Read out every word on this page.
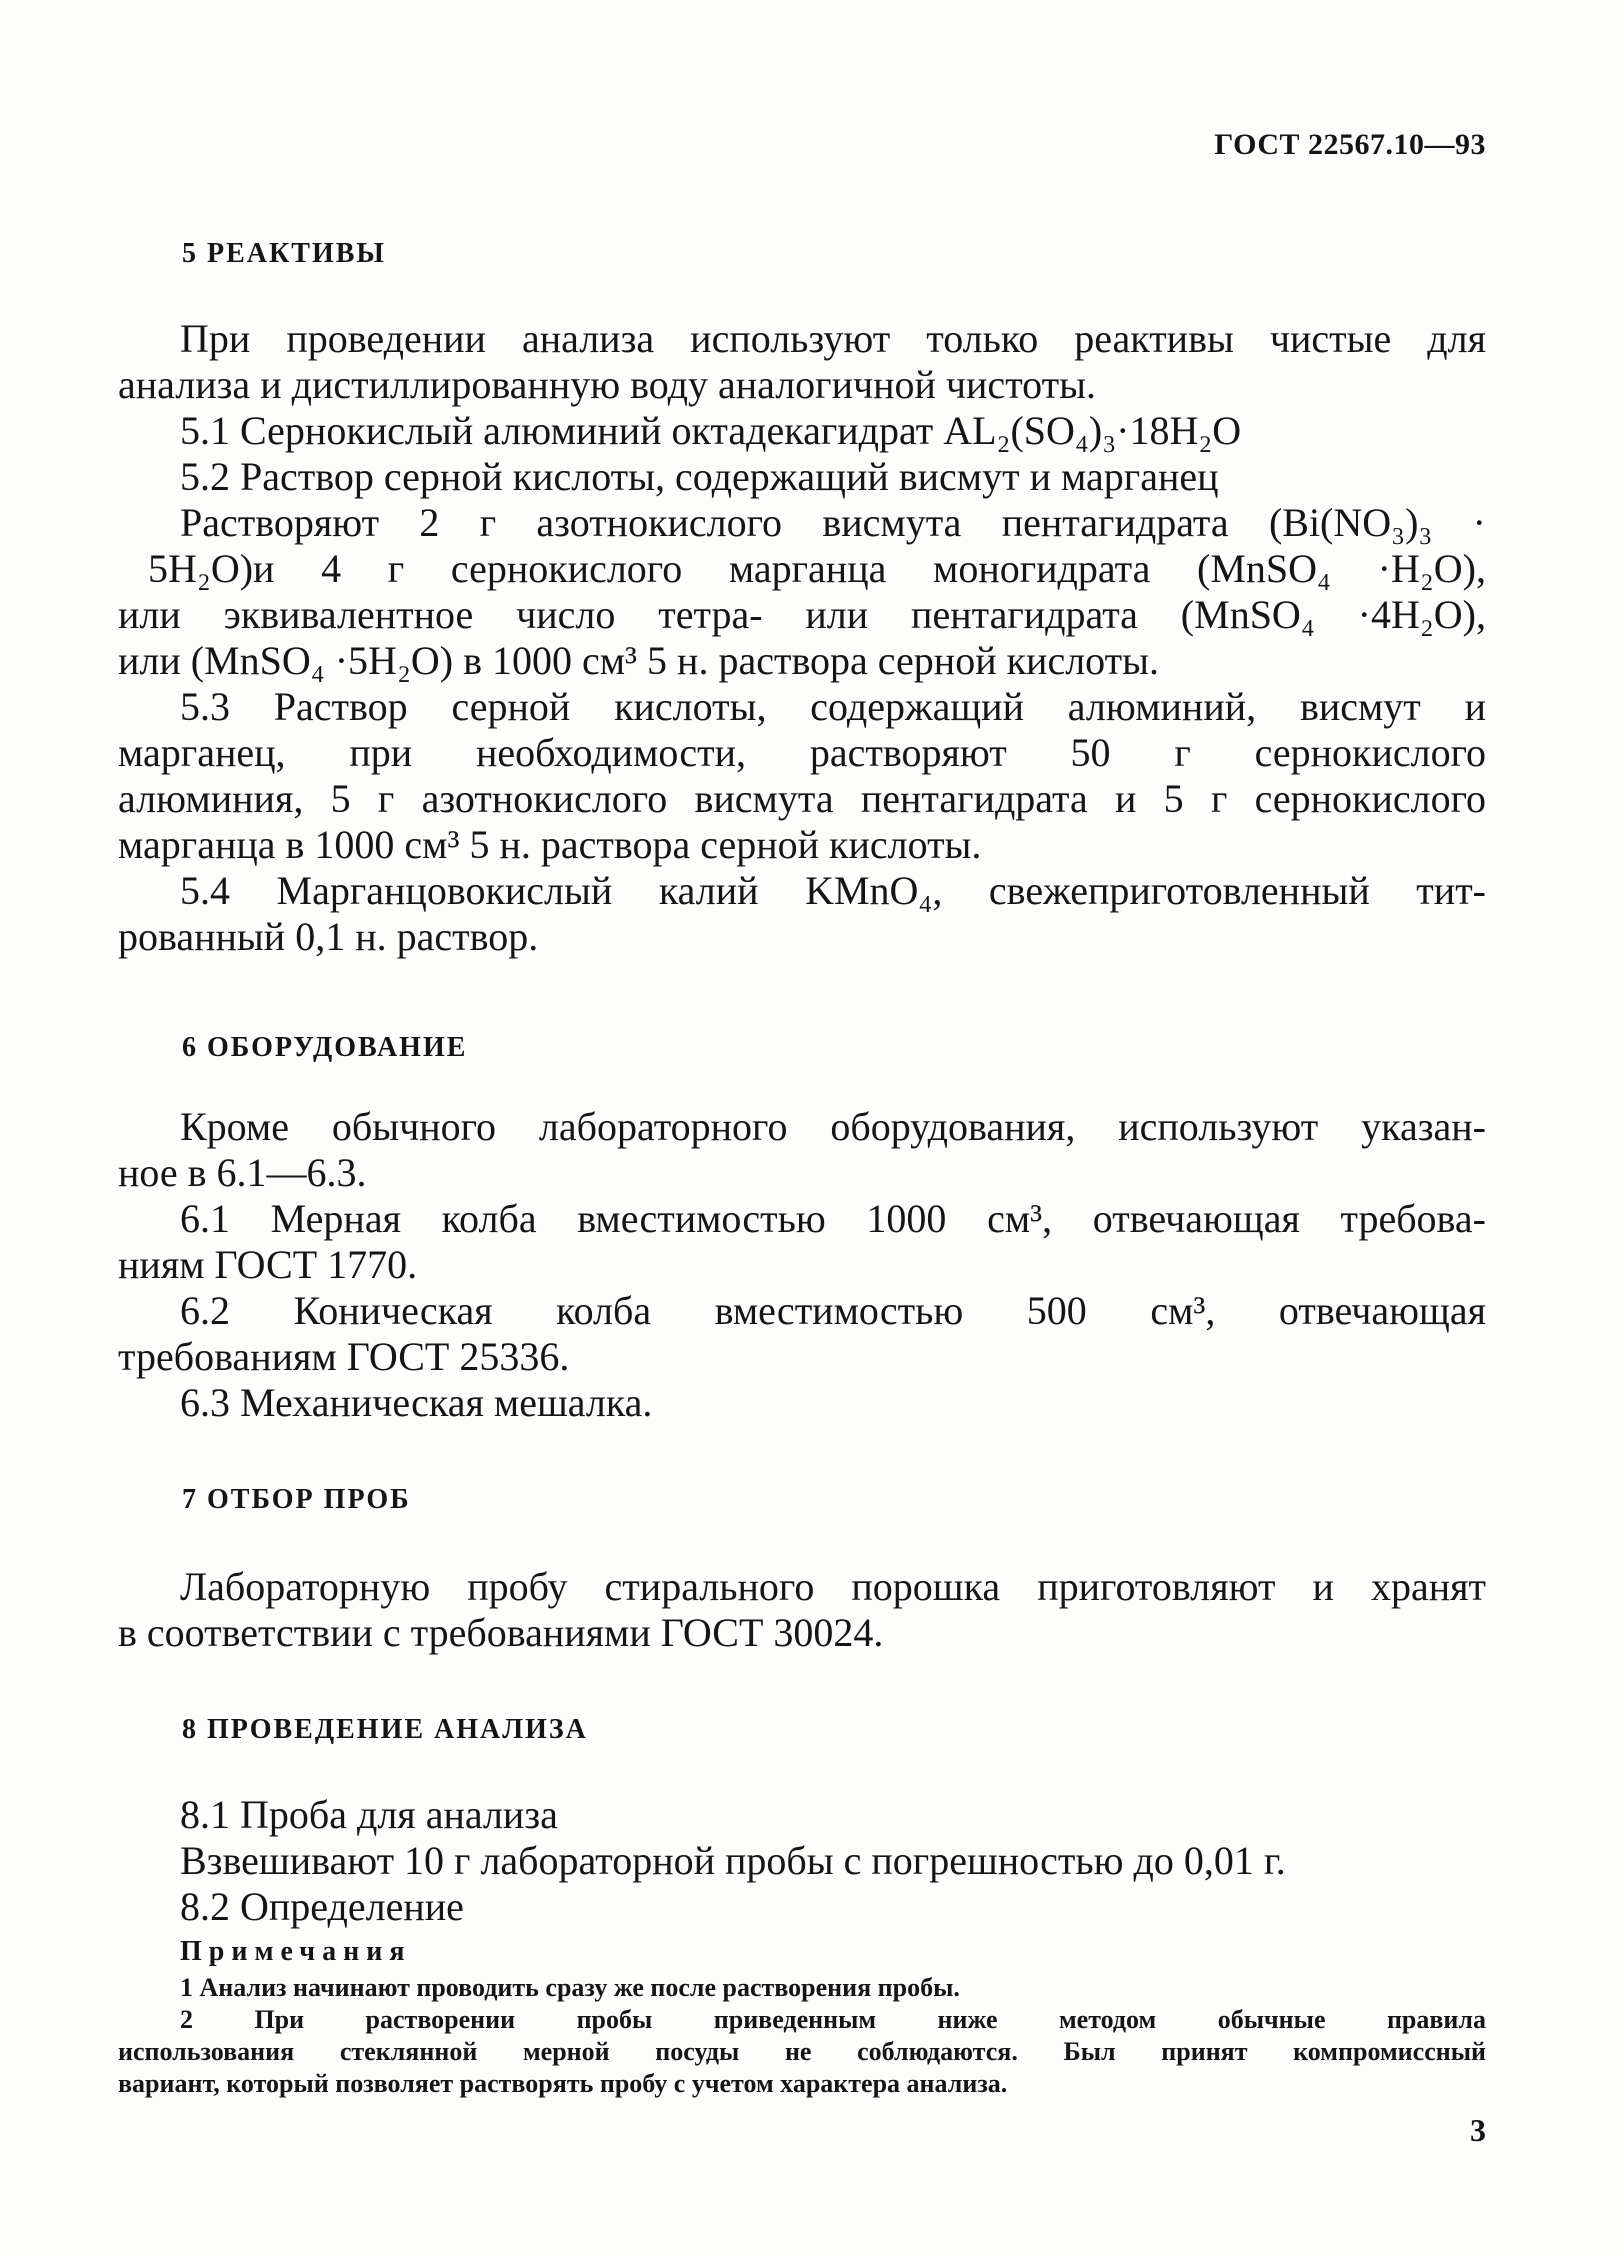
ГОСТ 22567.10—93
5 РЕАКТИВЫ
При проведении анализа используют только реактивы чистые для
анализа и дистиллированную воду аналогичной чистоты.
5.1 Сернокислый алюминий октадекагидрат AL₂(SO₄)₃·18H₂O
5.2 Раствор серной кислоты, содержащий висмут и марганец
Растворяют 2 г азотнокислого висмута пентагидрата (Bi(NO₃)₃ ·
5H₂O)и 4 г сернокислого марганца моногидрата (MnSO₄ ·H₂O),
или эквивалентное число тетра- или пентагидрата (MnSO₄ ·4H₂O),
или (MnSO₄ ·5H₂O) в 1000 см³ 5 н. раствора серной кислоты.
5.3 Раствор серной кислоты, содержащий алюминий, висмут и
марганец, при необходимости, растворяют 50 г сернокислого
алюминия, 5 г азотнокислого висмута пентагидрата и 5 г сернокислого
марганца в 1000 см³ 5 н. раствора серной кислоты.
5.4 Марганцовокислый калий KMnO₄, свежеприготовленный тит-
рованный 0,1 н. раствор.
6 ОБОРУДОВАНИЕ
Кроме обычного лабораторного оборудования, используют указан-
ное в 6.1—6.3.
6.1 Мерная колба вместимостью 1000 см³, отвечающая требова-
ниям ГОСТ 1770.
6.2 Коническая колба вместимостью 500 см³, отвечающая
требованиям ГОСТ 25336.
6.3 Механическая мешалка.
7 ОТБОР ПРОБ
Лабораторную пробу стирального порошка приготовляют и хранят
в соответствии с требованиями ГОСТ 30024.
8 ПРОВЕДЕНИЕ АНАЛИЗА
8.1 Проба для анализа
Взвешивают 10 г лабораторной пробы с погрешностью до 0,01 г.
8.2 Определение
Примечания
1 Анализ начинают проводить сразу же после растворения пробы.
2 При растворении пробы приведенным ниже методом обычные правила
использования стеклянной мерной посуды не соблюдаются. Был принят компромиссный
вариант, который позволяет растворять пробу с учетом характера анализа.
3
